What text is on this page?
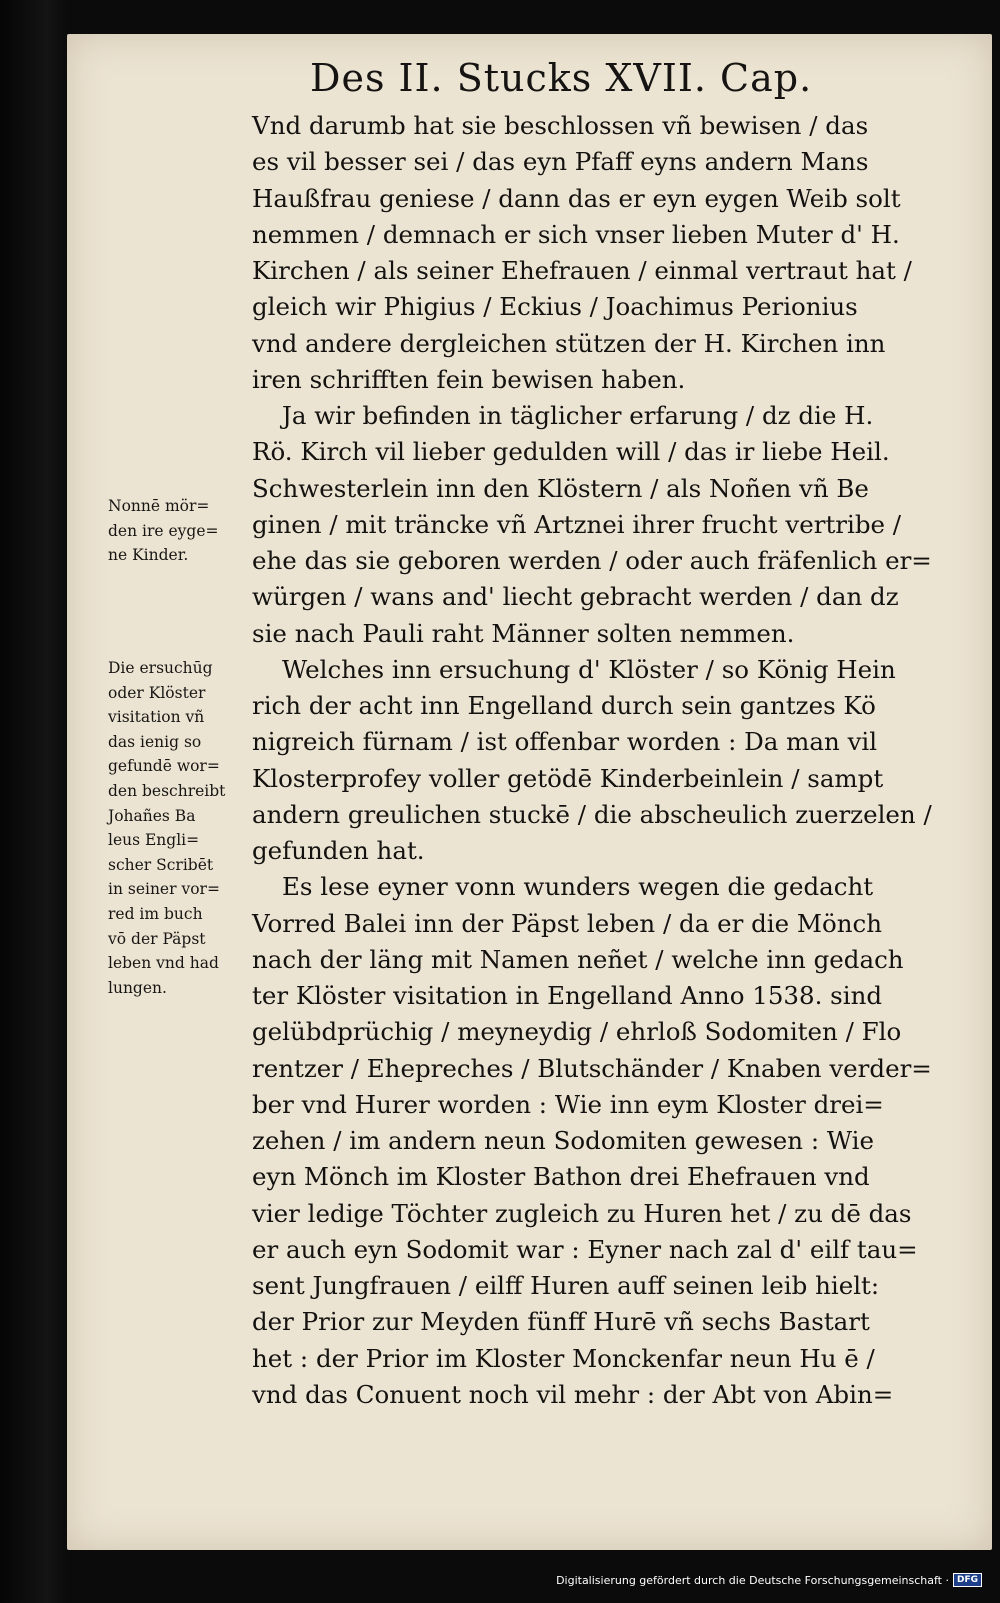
Des II. Stucks XVII. Cap.
Vnd darumb hat sie beschlossen vñ bewisen / das
es vil besser sei / das eyn Pfaff eyns andern Mans
Haußfrau geniese / dann das er eyn eygen Weib solt
nemmen / demnach er sich vnser lieben Muter d' H.
Kirchen / als seiner Ehefrauen / einmal vertraut hat /
gleich wir Phigius / Eckius / Joachimus Perionius
vnd andere dergleichen stützen der H. Kirchen inn
iren schrifften fein bewisen haben.
Ja wir befinden in täglicher erfarung / dz die H.
Rö. Kirch vil lieber gedulden will / das ir liebe Heil.
Schwesterlein inn den Klöstern / als Noñen vñ Be
ginen / mit träncke vñ Artznei ihrer frucht vertribe /
ehe das sie geboren werden / oder auch fräfenlich er=
würgen / wans and' liecht gebracht werden / dan dz
sie nach Pauli raht Männer solten nemmen.
Welches inn ersuchung d' Klöster / so König Hein
rich der acht inn Engelland durch sein gantzes Kö
nigreich fürnam / ist offenbar worden : Da man vil
Klosterprofey voller getödē Kinderbeinlein / sampt
andern greulichen stuckē / die abscheulich zuerzelen /
gefunden hat.
Es lese eyner vonn wunders wegen die gedacht
Vorred Balei inn der Päpst leben / da er die Mönch
nach der läng mit Namen neñet / welche inn gedach
ter Klöster visitation in Engelland Anno 1538. sind
gelübdprüchig / meyneydig / ehrloß Sodomiten / Flo
rentzer / Ehepreches / Blutschänder / Knaben verder=
ber vnd Hurer worden : Wie inn eym Kloster drei=
zehen / im andern neun Sodomiten gewesen : Wie
eyn Mönch im Kloster Bathon drei Ehefrauen vnd
vier ledige Töchter zugleich zu Huren het / zu dē das
er auch eyn Sodomit war : Eyner nach zal d' eilf tau=
sent Jungfrauen / eilff Huren auff seinen leib hielt:
der Prior zur Meyden fünff Hurē vñ sechs Bastart
het : der Prior im Kloster Monckenfar neun Hu ē /
vnd das Conuent noch vil mehr : der Abt von Abin=
Nonnē mör=
den ire eyge=
ne Kinder.
Die ersuchūg
oder Klöster
visitation vñ
das ienig so
gefundē wor=
den beschreibt
Johañes Ba
leus Engli=
scher Scribēt
in seiner vor=
red im buch
vō der Päpst
leben vnd had
lungen.
Digitalisierung gefördert durch die Deutsche Forschungsgemeinschaft · DFG
